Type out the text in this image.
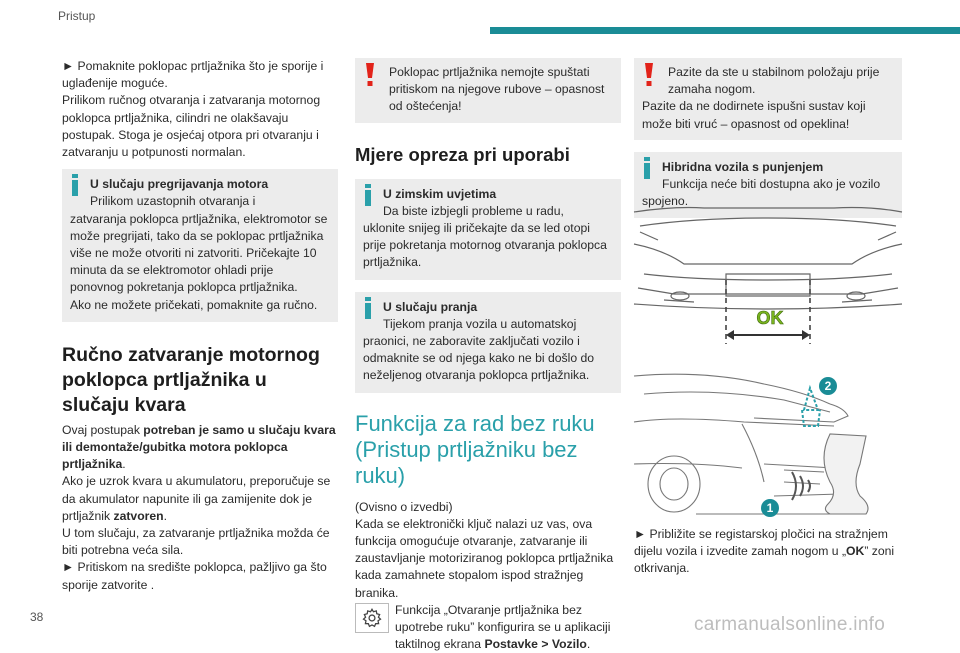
Pristup

► Pomaknite poklopac prtljažnika što je sporije i uglađenije moguće.

Prilikom ručnog otvaranja i zatvaranja motornog poklopca prtljažnika, cilindri ne olakšavaju postupak. Stoga je osjećaj otpora pri otvaranju i zatvaranju u potpunosti normalan.

U slučaju pregrijavanja motora
Prilikom uzastopnih otvaranja i
zatvaranja poklopca prtljažnika, elektromotor se može pregrijati, tako da se poklopac prtljažnika više ne može otvoriti ni zatvoriti. Pričekajte 10 minuta da se elektromotor ohladi prije ponovnog pokretanja poklopca prtljažnika.
Ako ne možete pričekati, pomaknite ga ručno.
Ručno zatvaranje motornog poklopca prtljažnika u slučaju kvara

Ovaj postupak potreban je samo u slučaju kvara ili demontaže/gubitka motora poklopca prtljažnika.

Ako je uzrok kvara u akumulatoru, preporučuje se da akumulator napunite ili ga zamijenite dok je prtljažnik zatvoren.

U tom slučaju, za zatvaranje prtljažnika možda će biti potrebna veća sila.

► Pritiskom na središte poklopca, pažljivo ga što sporije zatvorite .

Poklopac prtljažnika nemojte spuštati
pritiskom na njegove rubove – opasnost od oštećenja!
Mjere opreza pri uporabi
U zimskim uvjetima
Da biste izbjegli probleme u radu,
uklonite snijeg ili pričekajte da se led otopi prije pokretanja motornog otvaranja poklopca prtljažnika.
U slučaju pranja
Tijekom pranja vozila u automatskoj
praonici, ne zaboravite zaključati vozilo i odmaknite se od njega kako ne bi došlo do neželjenog otvaranja poklopca prtljažnika.
Funkcija za rad bez ruku (Pristup prtljažniku bez ruku)

(Ovisno o izvedbi)

Kada se elektronički ključ nalazi uz vas, ova funkcija omogućuje otvaranje, zatvaranje ili zaustavljanje motoriziranog poklopca prtljažnika kada zamahnete stopalom ispod stražnjeg branika.

Funkcija „Otvaranje prtljažnika bez upotrebe ruku” konfigurira se u aplikaciji taktilnog ekrana Postavke > Vozilo.
Pazite da ste u stabilnom položaju prije
zamaha nogom.
Pazite da ne dodirnete ispušni sustav koji može biti vruć – opasnost od opeklina!
Hibridna vozila s punjenjem
Funkcija neće biti dostupna ako je vozilo
spojeno.
OK
2
1

► Približite se registarskoj pločici na stražnjem dijelu vozila i izvedite zamah nogom u „OK” zoni otkrivanja.

38	carmanualsonline.info
